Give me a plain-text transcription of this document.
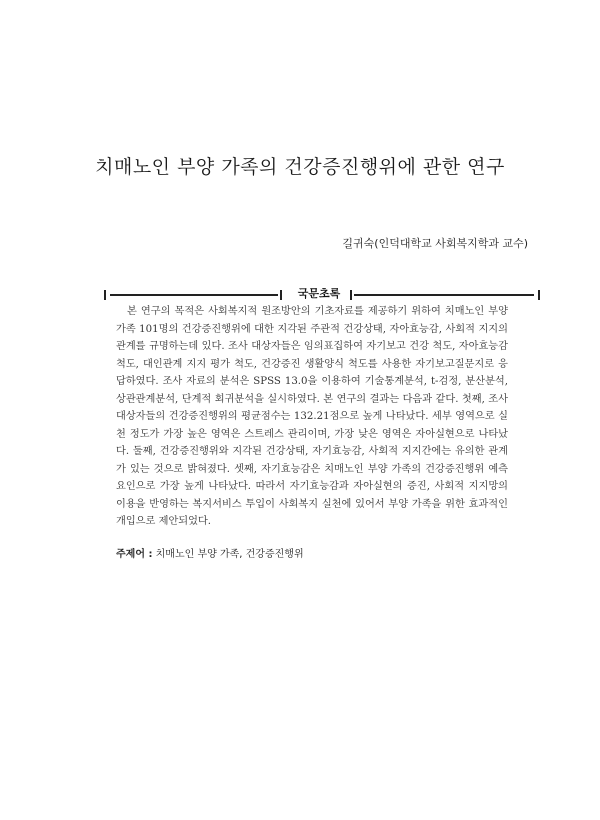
치매노인 부양 가족의 건강증진행위에 관한 연구
길귀숙(인덕대학교 사회복지학과 교수)
국문초록

본 연구의 목적은 사회복지적 원조방안의 기초자료를 제공하기 위하여 치매노인 부양가족 101명의 건강증진행위에 대한 지각된 주관적 건강상태, 자아효능감, 사회적 지지의 관계를 규명하는데 있다. 조사 대상자들은 임의표집하여 자기보고 건강 척도, 자아효능감척도, 대인관계 지지 평가 척도, 건강증진 생활양식 척도를 사용한 자기보고질문지로 응답하였다. 조사 자료의 분석은 SPSS 13.0을 이용하여 기술통계분석, t-검정, 분산분석, 상관관계분석, 단계적 회귀분석을 실시하였다. 본 연구의 결과는 다음과 같다. 첫째, 조사 대상자들의 건강증진행위의 평균점수는 132.21점으로 높게 나타났다. 세부 영역으로 실천 정도가 가장 높은 영역은 스트레스 관리이며, 가장 낮은 영역은 자아실현으로 나타났다. 둘째, 건강증진행위와 지각된 건강상태, 자기효능감, 사회적 지지간에는 유의한 관계가 있는 것으로 밝혀졌다. 셋째, 자기효능감은 치매노인 부양 가족의 건강증진행위 예측 요인으로 가장 높게 나타났다. 따라서 자기효능감과 자아실현의 증진, 사회적 지지망의 이용을 반영하는 복지서비스 투입이 사회복지 실천에 있어서 부양 가족을 위한 효과적인 개입으로 제안되었다.

주제어 : 치매노인 부양 가족, 건강증진행위
